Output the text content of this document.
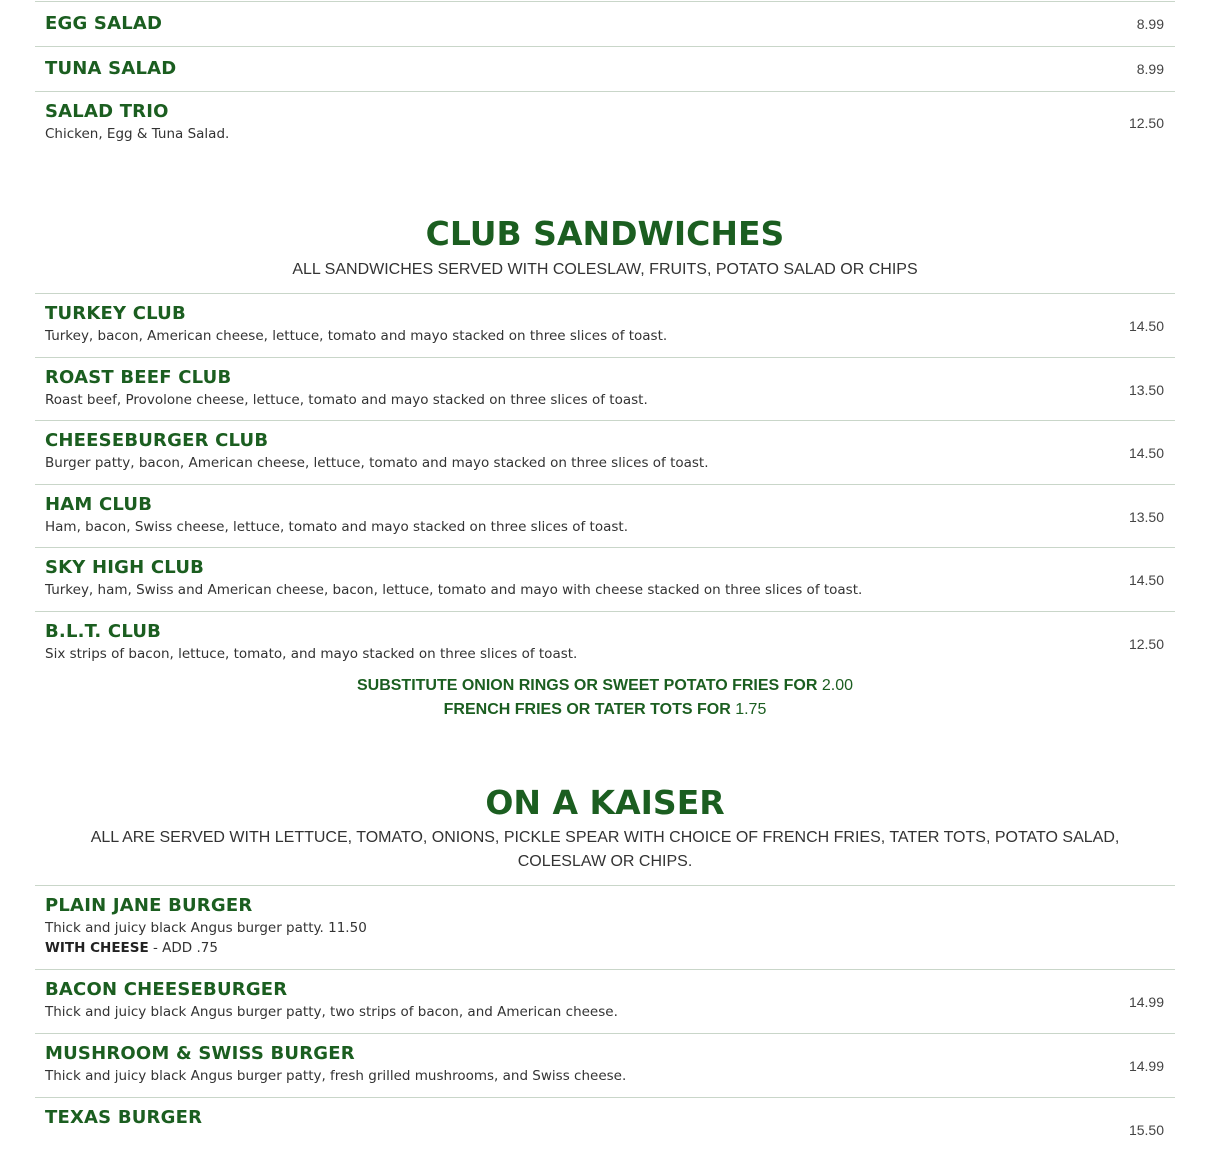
EGG SALAD	8.99
TUNA SALAD	8.99
SALAD TRIO
Chicken, Egg & Tuna Salad.
12.50
CLUB SANDWICHES
ALL SANDWICHES SERVED WITH COLESLAW, FRUITS, POTATO SALAD OR CHIPS
TURKEY CLUB
Turkey, bacon, American cheese, lettuce, tomato and mayo stacked on three slices of toast.
14.50
ROAST BEEF CLUB
Roast beef, Provolone cheese, lettuce, tomato and mayo stacked on three slices of toast.
13.50
CHEESEBURGER CLUB
Burger patty, bacon, American cheese, lettuce, tomato and mayo stacked on three slices of toast.
14.50
HAM CLUB
Ham, bacon, Swiss cheese, lettuce, tomato and mayo stacked on three slices of toast.
13.50
SKY HIGH CLUB
Turkey, ham, Swiss and American cheese, bacon, lettuce, tomato and mayo with cheese stacked on three slices of toast.
14.50
B.L.T. CLUB
Six strips of bacon, lettuce, tomato, and mayo stacked on three slices of toast.
12.50
SUBSTITUTE ONION RINGS OR SWEET POTATO FRIES FOR 2.00
FRENCH FRIES OR TATER TOTS FOR 1.75
ON A KAISER
ALL ARE SERVED WITH LETTUCE, TOMATO, ONIONS, PICKLE SPEAR WITH CHOICE OF FRENCH FRIES, TATER TOTS, POTATO SALAD,
COLESLAW OR CHIPS.
PLAIN JANE BURGER
Thick and juicy black Angus burger patty. 11.50
WITH CHEESE - ADD .75
BACON CHEESEBURGER
Thick and juicy black Angus burger patty, two strips of bacon, and American cheese.
14.99
MUSHROOM & SWISS BURGER
Thick and juicy black Angus burger patty, fresh grilled mushrooms, and Swiss cheese.
14.99
TEXAS BURGER
15.50
